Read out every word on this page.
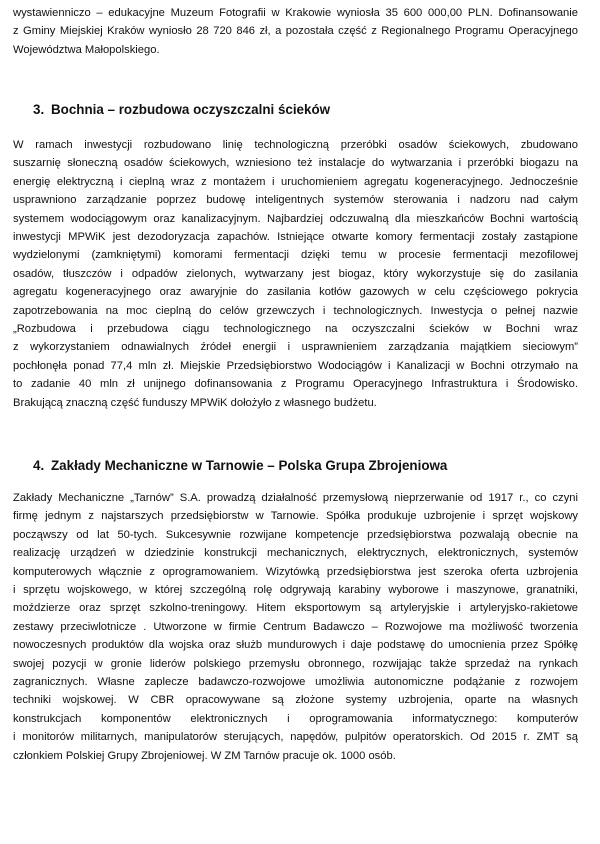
wystawienniczo – edukacyjne Muzeum Fotografii w Krakowie wyniosła 35 600 000,00 PLN. Dofinansowanie
z Gminy Miejskiej Kraków wyniosło 28 720 846 zł, a pozostała część z Regionalnego Programu Operacyjnego
Województwa Małopolskiego.

3. Bochnia – rozbudowa oczyszczalni ścieków

W ramach inwestycji rozbudowano linię technologiczną przeróbki osadów ściekowych, zbudowano
suszarnię słoneczną osadów ściekowych, wzniesiono też instalacje do wytwarzania i przeróbki biogazu na
energię elektryczną i cieplną wraz z montażem i uruchomieniem agregatu kogeneracyjnego. Jednocześnie
usprawniono zarządzanie poprzez budowę inteligentnych systemów sterowania i nadzoru nad całym
systemem wodociągowym oraz kanalizacyjnym. Najbardziej odczuwalną dla mieszkańców Bochni wartością
inwestycji MPWiK jest dezodoryzacja zapachów. Istniejące otwarte komory fermentacji zostały zastąpione
wydzielonymi (zamkniętymi) komorami fermentacji dzięki temu w procesie fermentacji mezofilowej
osadów, tłuszczów i odpadów zielonych, wytwarzany jest biogaz, który wykorzystuje się do zasilania
agregatu kogeneracyjnego oraz awaryjnie do zasilania kotłów gazowych w celu częściowego pokrycia
zapotrzebowania na moc cieplną do celów grzewczych i technologicznych. Inwestycja o pełnej nazwie
„Rozbudowa i przebudowa ciągu technologicznego na oczyszczalni ścieków w Bochni wraz
z wykorzystaniem odnawialnych źródeł energii i usprawnieniem zarządzania majątkiem sieciowym”
pochłonęła ponad 77,4 mln zł. Miejskie Przedsiębiorstwo Wodociągów i Kanalizacji w Bochni otrzymało na
to zadanie 40 mln zł unijnego dofinansowania z Programu Operacyjnego Infrastruktura i Środowisko.
Brakującą znaczną część funduszy MPWiK dołożyło z własnego budżetu.

4. Zakłady Mechaniczne w Tarnowie – Polska Grupa Zbrojeniowa

Zakłady Mechaniczne „Tarnów” S.A. prowadzą działalność przemysłową nieprzerwanie od 1917 r., co czyni
firmę jednym z najstarszych przedsiębiorstw w Tarnowie. Spółka produkuje uzbrojenie i sprzęt wojskowy
począwszy od lat 50-tych. Sukcesywnie rozwijane kompetencje przedsiębiorstwa pozwalają obecnie na
realizację urządzeń w dziedzinie konstrukcji mechanicznych, elektrycznych, elektronicznych, systemów
komputerowych włącznie z oprogramowaniem. Wizytówką przedsiębiorstwa jest szeroka oferta uzbrojenia
i sprzętu wojskowego, w której szczególną rolę odgrywają karabiny wyborowe i maszynowe, granatniki,
moździerze oraz sprzęt szkolno-treningowy. Hitem eksportowym są artyleryjskie i artyleryjsko-rakietowe
zestawy przeciwlotnicze . Utworzone w firmie Centrum Badawczo – Rozwojowe ma możliwość tworzenia
nowoczesnych produktów dla wojska oraz służb mundurowych i daje podstawę do umocnienia przez Spółkę
swojej pozycji w gronie liderów polskiego przemysłu obronnego, rozwijając także sprzedaż na rynkach
zagranicznych. Własne zaplecze badawczo-rozwojowe umożliwia autonomiczne podążanie z rozwojem
techniki wojskowej. W CBR opracowywane są złożone systemy uzbrojenia, oparte na własnych
konstrukcjach komponentów elektronicznych i oprogramowania informatycznego: komputerów
i monitorów militarnych, manipulatorów sterujących, napędów, pulpitów operatorskich. Od 2015 r. ZMT są
członkiem Polskiej Grupy Zbrojeniowej. W ZM Tarnów pracuje ok. 1000 osób.
